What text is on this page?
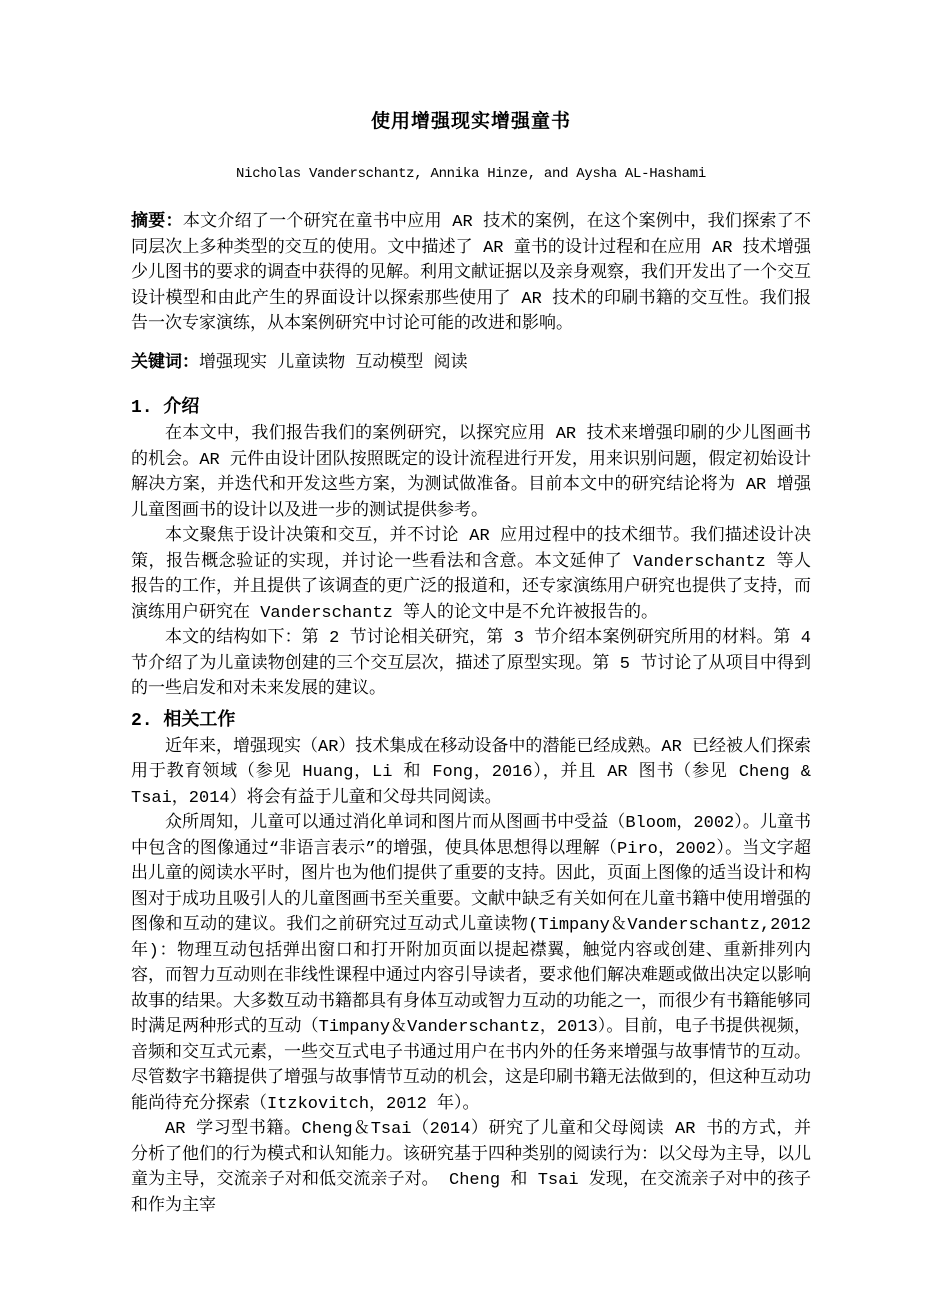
使用增强现实增强童书
Nicholas Vanderschantz, Annika Hinze, and Aysha AL-Hashami

摘要：本文介绍了一个研究在童书中应用 AR 技术的案例，在这个案例中，我们探索了不同层次上多种类型的交互的使用。文中描述了 AR 童书的设计过程和在应用 AR 技术增强少儿图书的要求的调查中获得的见解。利用文献证据以及亲身观察，我们开发出了一个交互设计模型和由此产生的界面设计以探索那些使用了 AR 技术的印刷书籍的交互性。我们报告一次专家演练，从本案例研究中讨论可能的改进和影响。

关键词：增强现实 儿童读物 互动模型 阅读

1. 介绍

在本文中，我们报告我们的案例研究，以探究应用 AR 技术来增强印刷的少儿图画书的机会。AR 元件由设计团队按照既定的设计流程进行开发，用来识别问题，假定初始设计解决方案，并迭代和开发这些方案，为测试做准备。目前本文中的研究结论将为 AR 增强儿童图画书的设计以及进一步的测试提供参考。

本文聚焦于设计决策和交互，并不讨论 AR 应用过程中的技术细节。我们描述设计决策，报告概念验证的实现，并讨论一些看法和含意。本文延伸了 Vanderschantz 等人报告的工作，并且提供了该调查的更广泛的报道和，还专家演练用户研究也提供了支持，而演练用户研究在 Vanderschantz 等人的论文中是不允许被报告的。

本文的结构如下：第 2 节讨论相关研究，第 3 节介绍本案例研究所用的材料。第 4 节介绍了为儿童读物创建的三个交互层次，描述了原型实现。第 5 节讨论了从项目中得到的一些启发和对未来发展的建议。

2. 相关工作

近年来，增强现实（AR）技术集成在移动设备中的潜能已经成熟。AR 已经被人们探索用于教育领域（参见 Huang，Li 和 Fong，2016），并且 AR 图书（参见 Cheng & Tsai，2014）将会有益于儿童和父母共同阅读。

众所周知，儿童可以通过消化单词和图片而从图画书中受益（Bloom，2002）。儿童书中包含的图像通过“非语言表示”的增强，使具体思想得以理解（Piro，2002）。当文字超出儿童的阅读水平时，图片也为他们提供了重要的支持。因此，页面上图像的适当设计和构图对于成功且吸引人的儿童图画书至关重要。文献中缺乏有关如何在儿童书籍中使用增强的图像和互动的建议。我们之前研究过互动式儿童读物(Timpany＆Vanderschantz,2012 年)：物理互动包括弹出窗口和打开附加页面以提起襟翼，触觉内容或创建、重新排列内容，而智力互动则在非线性课程中通过内容引导读者，要求他们解决难题或做出决定以影响故事的结果。大多数互动书籍都具有身体互动或智力互动的功能之一，而很少有书籍能够同时满足两种形式的互动（Timpany＆Vanderschantz，2013）。目前，电子书提供视频，音频和交互式元素，一些交互式电子书通过用户在书内外的任务来增强与故事情节的互动。尽管数字书籍提供了增强与故事情节互动的机会，这是印刷书籍无法做到的，但这种互动功能尚待充分探索（Itzkovitch，2012 年）。

AR 学习型书籍。Cheng＆Tsai（2014）研究了儿童和父母阅读 AR 书的方式，并分析了他们的行为模式和认知能力。该研究基于四种类别的阅读行为：以父母为主导，以儿童为主导，交流亲子对和低交流亲子对。 Cheng 和 Tsai 发现，在交流亲子对中的孩子和作为主宰
